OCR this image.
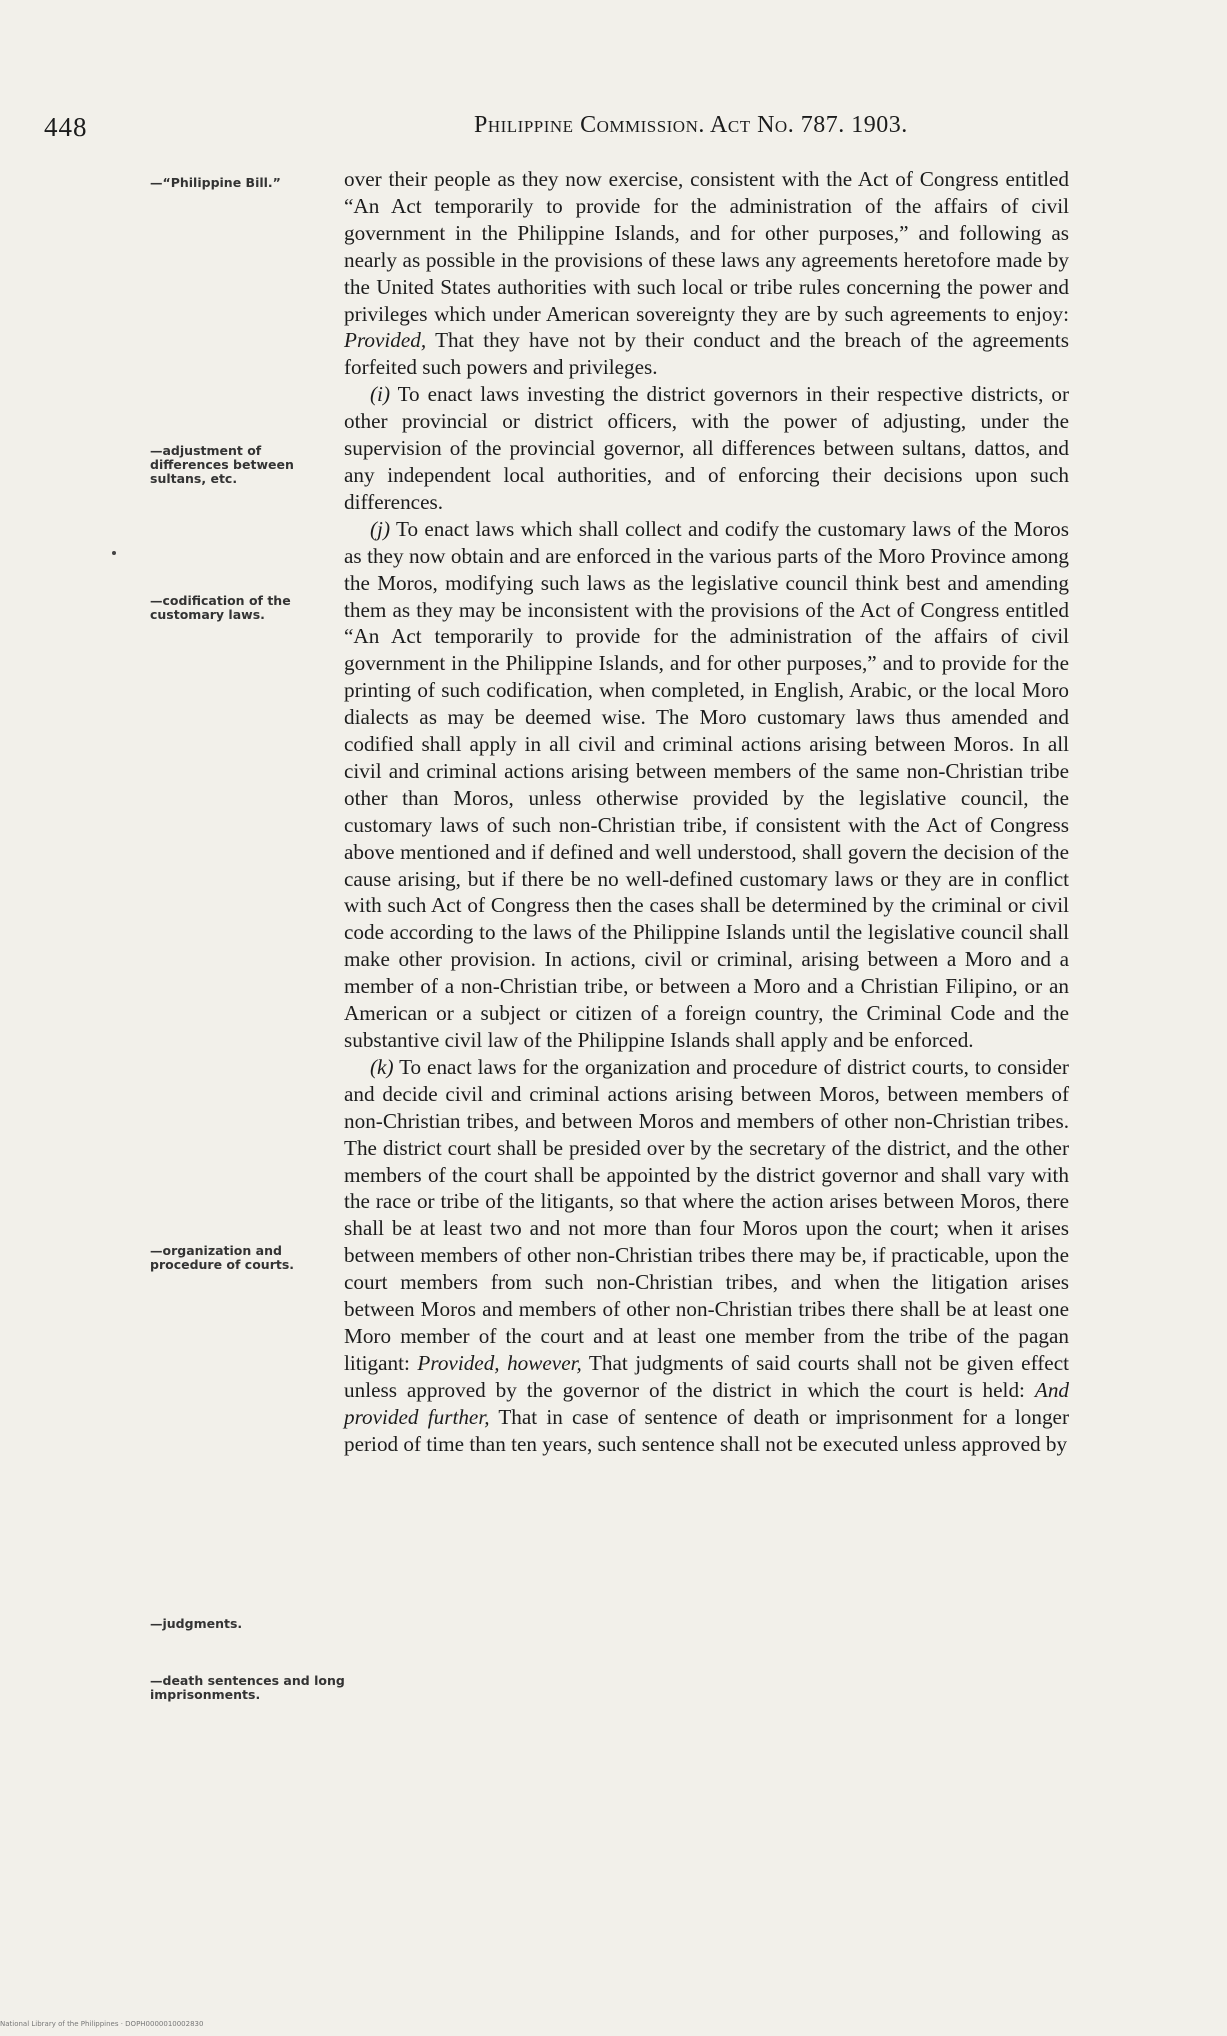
448	Philippine Commission. Act No. 787. 1903.
—“Philippine Bill.”
—adjustment of differences between sultans, etc.
—codification of the customary laws.
—organization and procedure of courts.
—judgments.
—death sentences and long imprisonments.

over their people as they now exercise, consistent with the Act of Congress entitled “An Act temporarily to provide for the administration of the affairs of civil government in the Philippine Islands, and for other purposes,” and following as nearly as possible in the provisions of these laws any agreements heretofore made by the United States authorities with such local or tribe rules concerning the power and privileges which under American sovereignty they are by such agreements to enjoy: Provided, That they have not by their conduct and the breach of the agreements forfeited such powers and privileges.

(i) To enact laws investing the district governors in their respective districts, or other provincial or district officers, with the power of adjusting, under the supervision of the provincial governor, all differences between sultans, dattos, and any independent local authorities, and of enforcing their decisions upon such differences.

(j) To enact laws which shall collect and codify the customary laws of the Moros as they now obtain and are enforced in the various parts of the Moro Province among the Moros, modifying such laws as the legislative council think best and amending them as they may be inconsistent with the provisions of the Act of Congress entitled “An Act temporarily to provide for the administration of the affairs of civil government in the Philippine Islands, and for other purposes,” and to provide for the printing of such codification, when completed, in English, Arabic, or the local Moro dialects as may be deemed wise. The Moro customary laws thus amended and codified shall apply in all civil and criminal actions arising between Moros. In all civil and criminal actions arising between members of the same non-Christian tribe other than Moros, unless otherwise provided by the legislative council, the customary laws of such non-Christian tribe, if consistent with the Act of Congress above mentioned and if defined and well understood, shall govern the decision of the cause arising, but if there be no well-defined customary laws or they are in conflict with such Act of Congress then the cases shall be determined by the criminal or civil code according to the laws of the Philippine Islands until the legislative council shall make other provision. In actions, civil or criminal, arising between a Moro and a member of a non-Christian tribe, or between a Moro and a Christian Filipino, or an American or a subject or citizen of a foreign country, the Criminal Code and the substantive civil law of the Philippine Islands shall apply and be enforced.

(k) To enact laws for the organization and procedure of district courts, to consider and decide civil and criminal actions arising between Moros, between members of non-Christian tribes, and between Moros and members of other non-Christian tribes. The district court shall be presided over by the secretary of the district, and the other members of the court shall be appointed by the district governor and shall vary with the race or tribe of the litigants, so that where the action arises between Moros, there shall be at least two and not more than four Moros upon the court; when it arises between members of other non-Christian tribes there may be, if practicable, upon the court members from such non-Christian tribes, and when the litigation arises between Moros and members of other non-Christian tribes there shall be at least one Moro member of the court and at least one member from the tribe of the pagan litigant: Provided, however, That judgments of said courts shall not be given effect unless approved by the governor of the district in which the court is held: And provided further, That in case of sentence of death or imprisonment for a longer period of time than ten years, such sentence shall not be executed unless approved by

National Library of the Philippines · DOPH0000010002830
